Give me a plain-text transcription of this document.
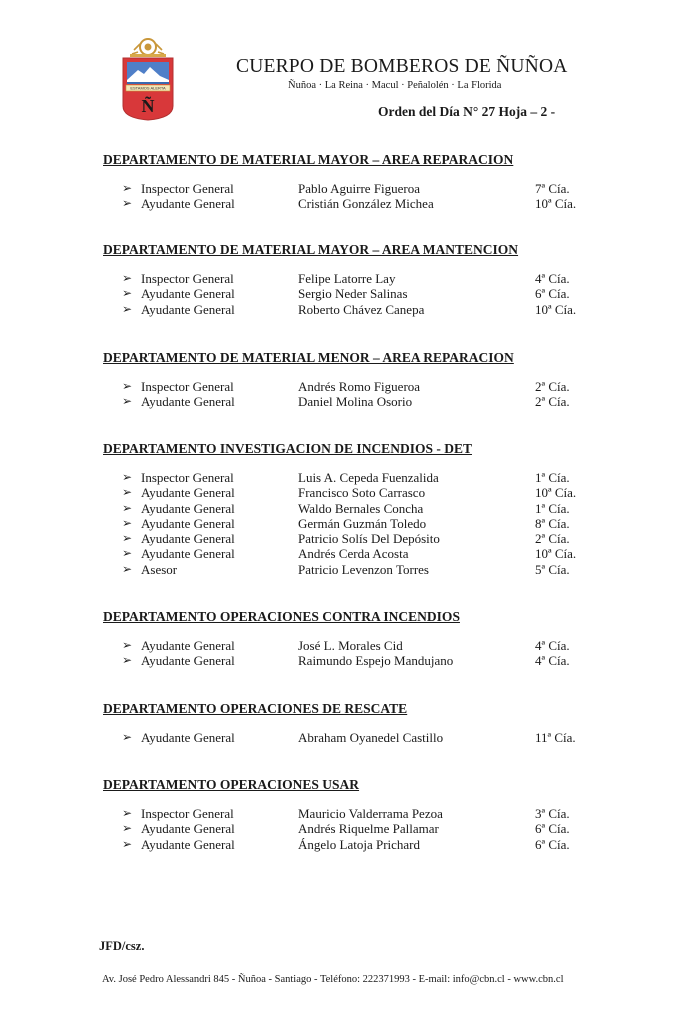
ESTAMOS ALERTA
Ñ
CUERPO DE BOMBEROS DE ÑUÑOA
Ñuñoa · La Reina · Macul · Peñalolén · La Florida
Orden del Día N° 27 Hoja – 2 -
DEPARTAMENTO DE MATERIAL MAYOR – AREA REPARACION
➢ Inspector General	Pablo Aguirre Figueroa	7ª Cía.
➢ Ayudante General	Cristián González Michea	10ª Cía.
DEPARTAMENTO DE MATERIAL MAYOR – AREA MANTENCION
➢ Inspector General	Felipe Latorre Lay	4ª Cía.
➢ Ayudante General	Sergio Neder Salinas	6ª Cía.
➢ Ayudante General	Roberto Chávez Canepa	10ª Cía.
DEPARTAMENTO DE MATERIAL MENOR – AREA REPARACION
➢ Inspector General	Andrés Romo Figueroa	2ª Cía.
➢ Ayudante General	Daniel Molina Osorio	2ª Cía.
DEPARTAMENTO INVESTIGACION DE INCENDIOS - DET
➢ Inspector General	Luis A. Cepeda Fuenzalida	1ª Cía.
➢ Ayudante General	Francisco Soto Carrasco	10ª Cía.
➢ Ayudante General	Waldo Bernales Concha	1ª Cía.
➢ Ayudante General	Germán Guzmán Toledo	8ª Cía.
➢ Ayudante General	Patricio Solís Del Depósito	2ª Cía.
➢ Ayudante General	Andrés Cerda Acosta	10ª Cía.
➢ Asesor	Patricio Levenzon Torres	5ª Cía.
DEPARTAMENTO OPERACIONES CONTRA INCENDIOS
➢ Ayudante General	José L. Morales Cid	4ª Cía.
➢ Ayudante General	Raimundo Espejo Mandujano	4ª Cía.
DEPARTAMENTO OPERACIONES DE RESCATE
➢ Ayudante General	Abraham Oyanedel Castillo	11ª Cía.
DEPARTAMENTO OPERACIONES USAR
➢ Inspector General	Mauricio Valderrama Pezoa	3ª Cía.
➢ Ayudante General	Andrés Riquelme Pallamar	6ª Cía.
➢ Ayudante General	Ángelo Latoja Prichard	6ª Cía.
JFD/csz.
Av. José Pedro Alessandri 845 - Ñuñoa - Santiago - Teléfono: 222371993 - E-mail: info@cbn.cl - www.cbn.cl
